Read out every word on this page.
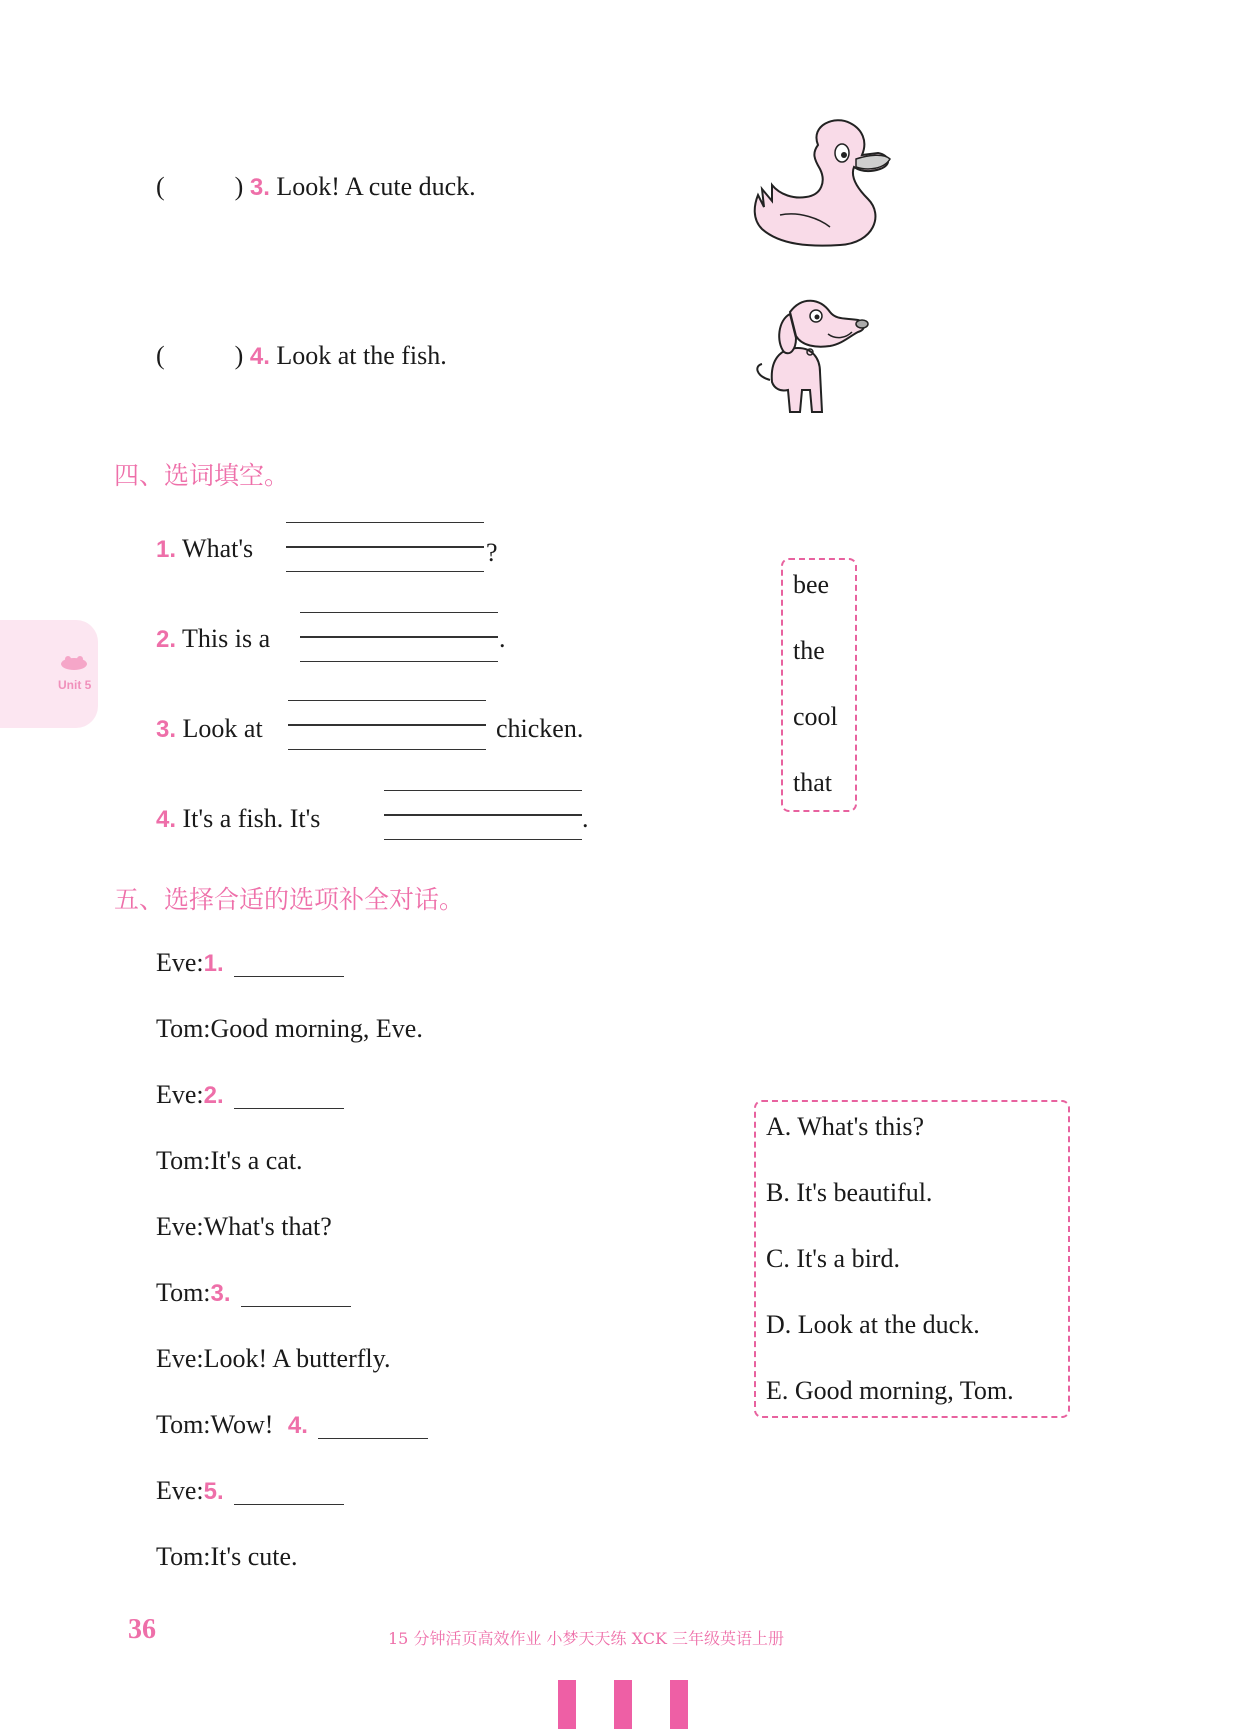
(	) 3. Look! A cute duck.
(	) 4. Look at the fish.
四、选词填空。
1. What's	?
2. This is a	.
3. Look at	chicken.
4. It's a fish. It's	.
bee
the
cool
that
Unit 5
五、选择合适的选项补全对话。
Eve:1.
Tom:Good morning, Eve.
Eve:2.
Tom:It's a cat.
Eve:What's that?
Tom:3.
Eve:Look! A butterfly.
Tom:Wow! 4.
Eve:5.
Tom:It's cute.
A. What's this?
B. It's beautiful.
C. It's a bird.
D. Look at the duck.
E. Good morning, Tom.
36	15 分钟活页高效作业 小梦天天练 XCK 三年级英语上册
